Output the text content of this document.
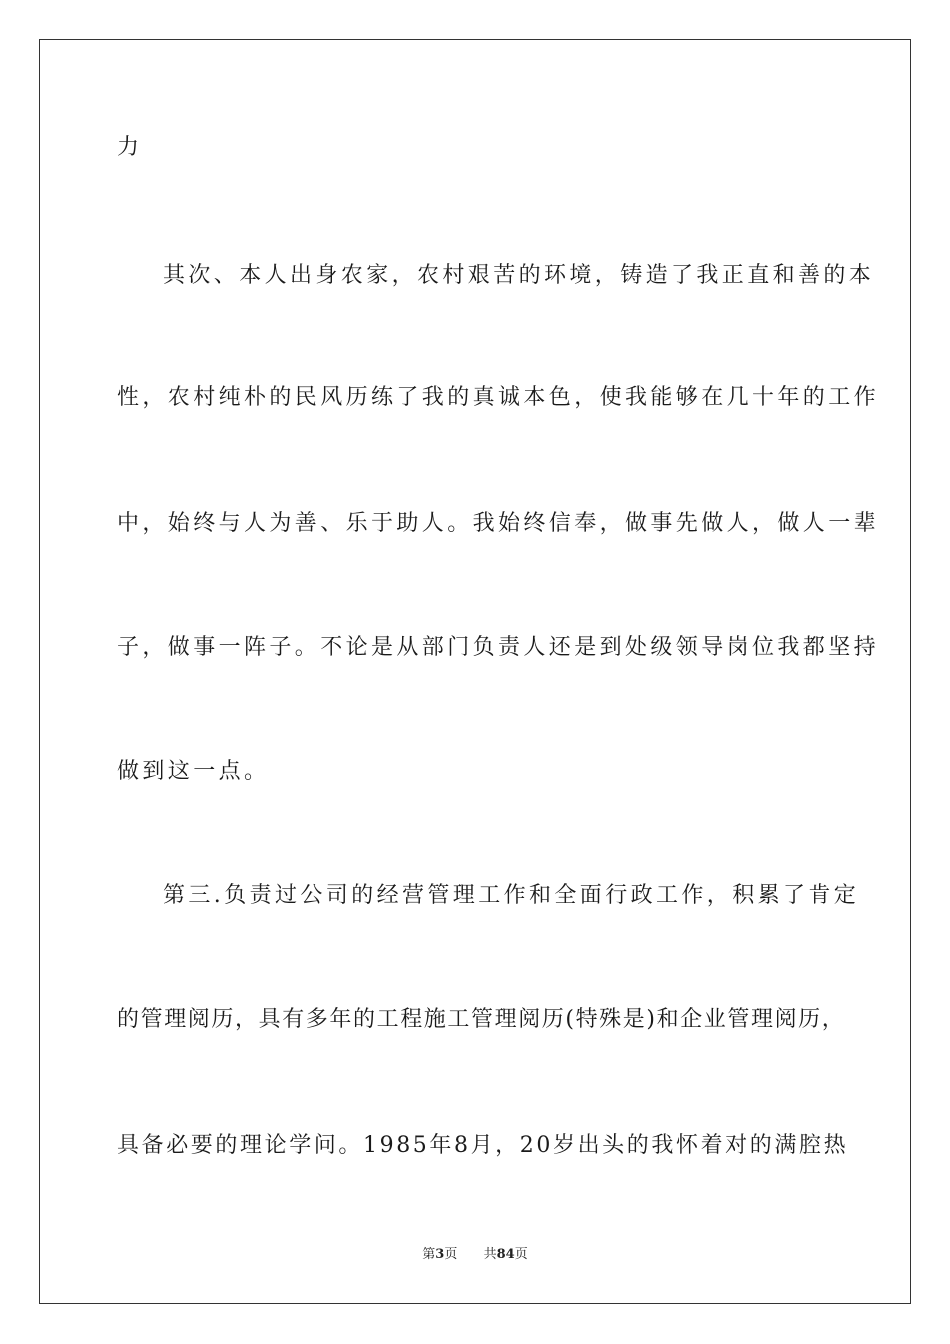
力
其次、本人出身农家，农村艰苦的环境，铸造了我正直和善的本
性，农村纯朴的民风历练了我的真诚本色，使我能够在几十年的工作
中，始终与人为善、乐于助人。我始终信奉，做事先做人，做人一辈
子，做事一阵子。不论是从部门负责人还是到处级领导岗位我都坚持
做到这一点。
第三.负责过公司的经营管理工作和全面行政工作，积累了肯定
的管理阅历，具有多年的工程施工管理阅历(特殊是)和企业管理阅历，
具备必要的理论学问。1985年8月，20岁出头的我怀着对的满腔热
第3页 共84页
